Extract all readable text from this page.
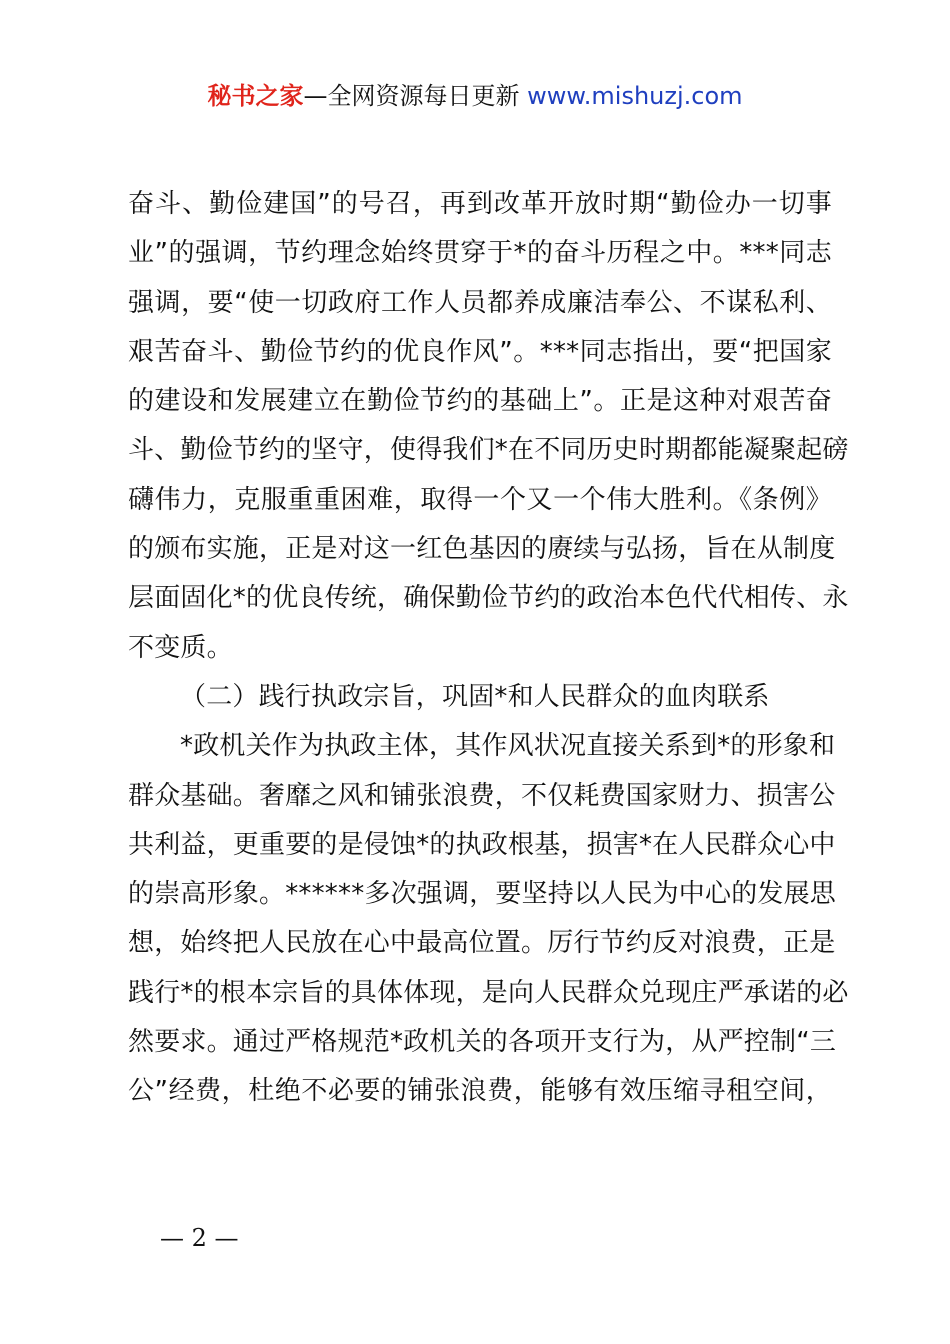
秘书之家—全网资源每日更新 www.mishuzj.com
奋斗、勤俭建国”的号召，再到改革开放时期“勤俭办一切事
业”的强调，节约理念始终贯穿于*的奋斗历程之中。***同志
强调，要“使一切政府工作人员都养成廉洁奉公、不谋私利、
艰苦奋斗、勤俭节约的优良作风”。***同志指出，要“把国家
的建设和发展建立在勤俭节约的基础上”。正是这种对艰苦奋
斗、勤俭节约的坚守，使得我们*在不同历史时期都能凝聚起磅
礴伟力，克服重重困难，取得一个又一个伟大胜利。《条例》
的颁布实施，正是对这一红色基因的赓续与弘扬，旨在从制度
层面固化*的优良传统，确保勤俭节约的政治本色代代相传、永
不变质。
（二）践行执政宗旨，巩固*和人民群众的血肉联系
*政机关作为执政主体，其作风状况直接关系到*的形象和
群众基础。奢靡之风和铺张浪费，不仅耗费国家财力、损害公
共利益，更重要的是侵蚀*的执政根基，损害*在人民群众心中
的崇高形象。******多次强调，要坚持以人民为中心的发展思
想，始终把人民放在心中最高位置。厉行节约反对浪费，正是
践行*的根本宗旨的具体体现，是向人民群众兑现庄严承诺的必
然要求。通过严格规范*政机关的各项开支行为，从严控制“三
公”经费，杜绝不必要的铺张浪费，能够有效压缩寻租空间，
— 2 —
